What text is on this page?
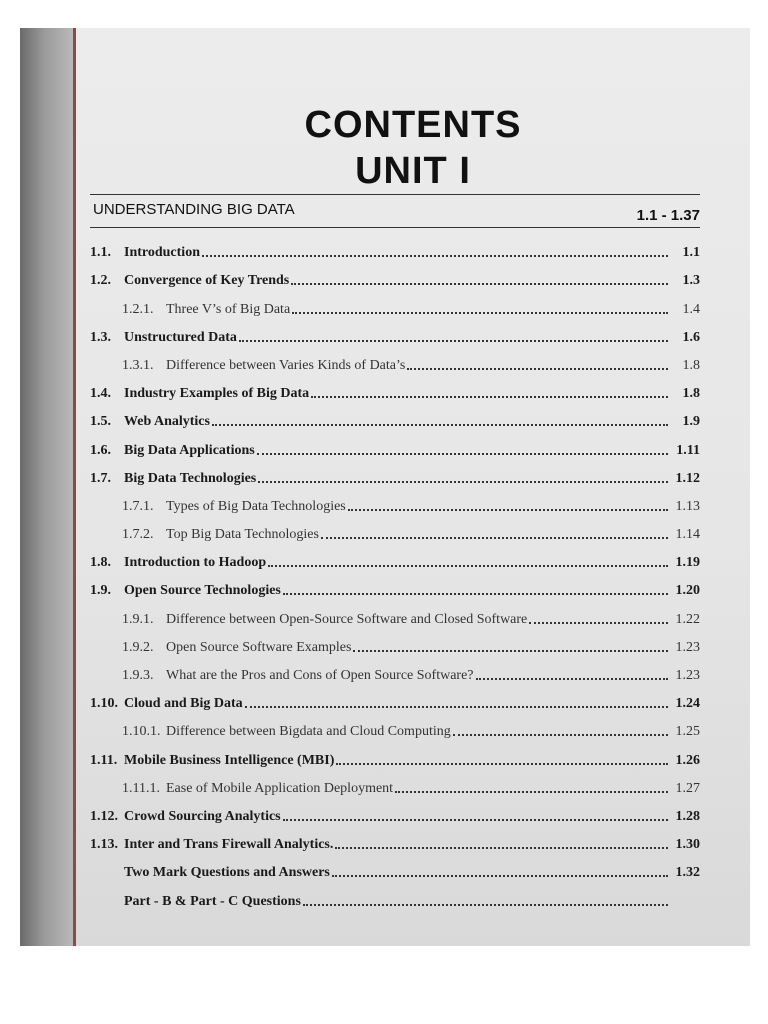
CONTENTS
UNIT I
UNDERSTANDING BIG DATA	1.1 - 1.37
1.1. Introduction	1.1
1.2. Convergence of Key Trends	1.3
1.2.1. Three V’s of Big Data	1.4
1.3. Unstructured Data	1.6
1.3.1. Difference between Varies Kinds of Data’s	1.8
1.4. Industry Examples of Big Data	1.8
1.5. Web Analytics	1.9
1.6. Big Data Applications	1.11
1.7. Big Data Technologies	1.12
1.7.1. Types of Big Data Technologies	1.13
1.7.2. Top Big Data Technologies	1.14
1.8. Introduction to Hadoop	1.19
1.9. Open Source Technologies	1.20
1.9.1. Difference between Open-Source Software and Closed Software	1.22
1.9.2. Open Source Software Examples	1.23
1.9.3. What are the Pros and Cons of Open Source Software?	1.23
1.10. Cloud and Big Data	1.24
1.10.1. Difference between Bigdata and Cloud Computing	1.25
1.11. Mobile Business Intelligence (MBI)	1.26
1.11.1. Ease of Mobile Application Deployment	1.27
1.12. Crowd Sourcing Analytics	1.28
1.13. Inter and Trans Firewall Analytics.	1.30
Two Mark Questions and Answers	1.32
Part - B & Part - C Questions
